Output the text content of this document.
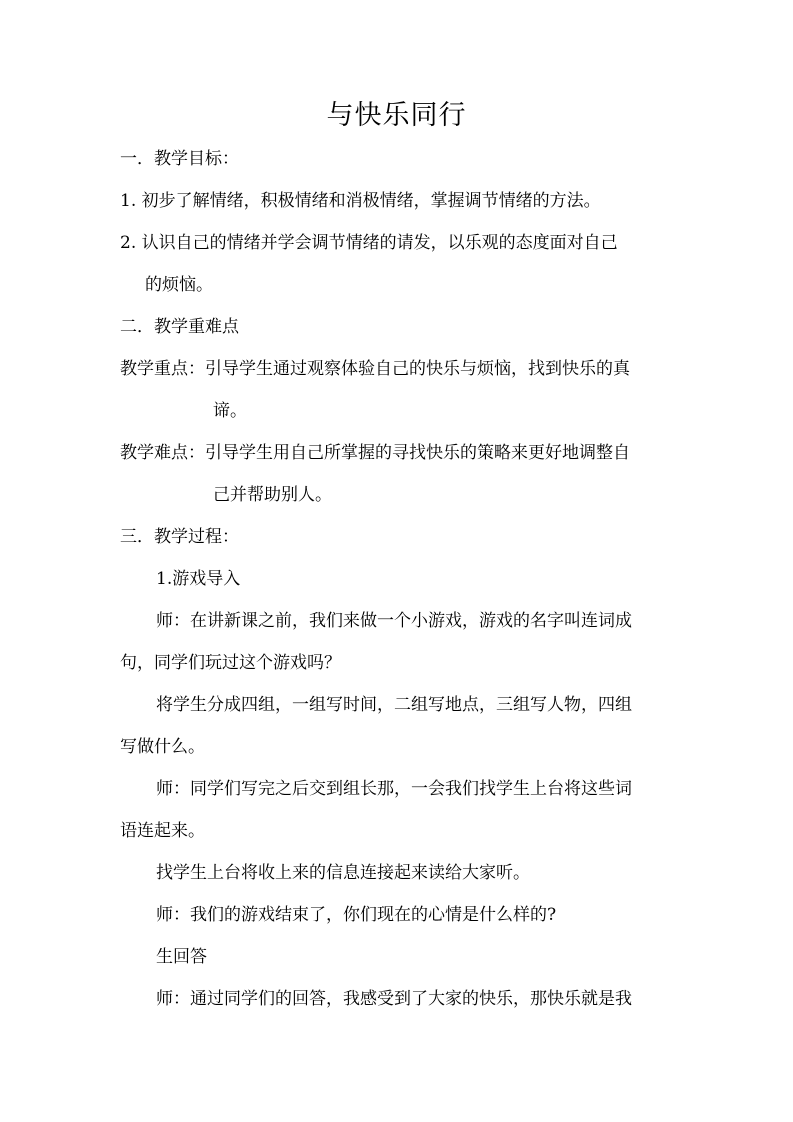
与快乐同行
一．教学目标：
1. 初步了解情绪，积极情绪和消极情绪，掌握调节情绪的方法。
2. 认识自己的情绪并学会调节情绪的请发，以乐观的态度面对自己
的烦恼。
二．教学重难点
教学重点：引导学生通过观察体验自己的快乐与烦恼，找到快乐的真
谛。
教学难点：引导学生用自己所掌握的寻找快乐的策略来更好地调整自
己并帮助别人。
三．教学过程：
1.游戏导入
师：在讲新课之前，我们来做一个小游戏，游戏的名字叫连词成
句，同学们玩过这个游戏吗？
将学生分成四组，一组写时间，二组写地点，三组写人物，四组
写做什么。
师：同学们写完之后交到组长那，一会我们找学生上台将这些词
语连起来。
找学生上台将收上来的信息连接起来读给大家听。
师：我们的游戏结束了，你们现在的心情是什么样的?
生回答
师：通过同学们的回答，我感受到了大家的快乐，那快乐就是我
